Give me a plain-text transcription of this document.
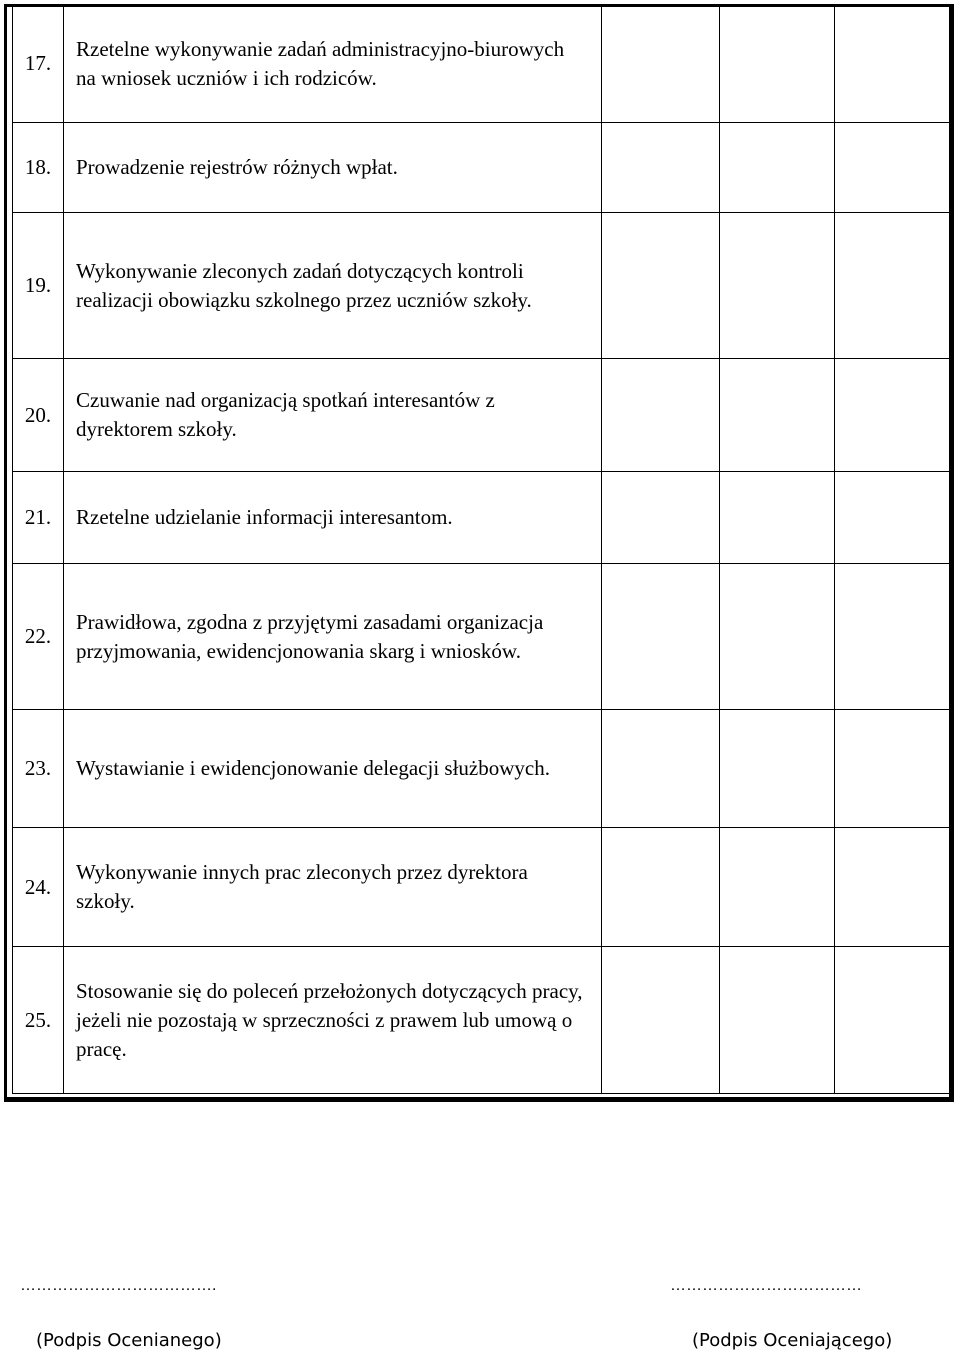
17.	Rzetelne wykonywanie zadań administracyjno-biurowych na wniosek uczniów i ich rodziców.			
18.	Prowadzenie rejestrów różnych wpłat.			
19.	Wykonywanie zleconych zadań dotyczących kontroli realizacji obowiązku szkolnego przez uczniów szkoły.			
20.	Czuwanie nad organizacją spotkań interesantów z dyrektorem szkoły.			
21.	Rzetelne udzielanie informacji interesantom.			
22.	Prawidłowa, zgodna z przyjętymi zasadami organizacja przyjmowania, ewidencjonowania skarg i wniosków.			
23.	Wystawianie i ewidencjonowanie delegacji służbowych.			
24.	Wykonywanie innych prac zleconych przez dyrektora szkoły.			
25.	Stosowanie się do poleceń przełożonych dotyczących pracy, jeżeli nie pozostają w sprzeczności z prawem lub umową o pracę.			
……………………………….
(Podpis Ocenianego)
………………………………
(Podpis Oceniającego)
